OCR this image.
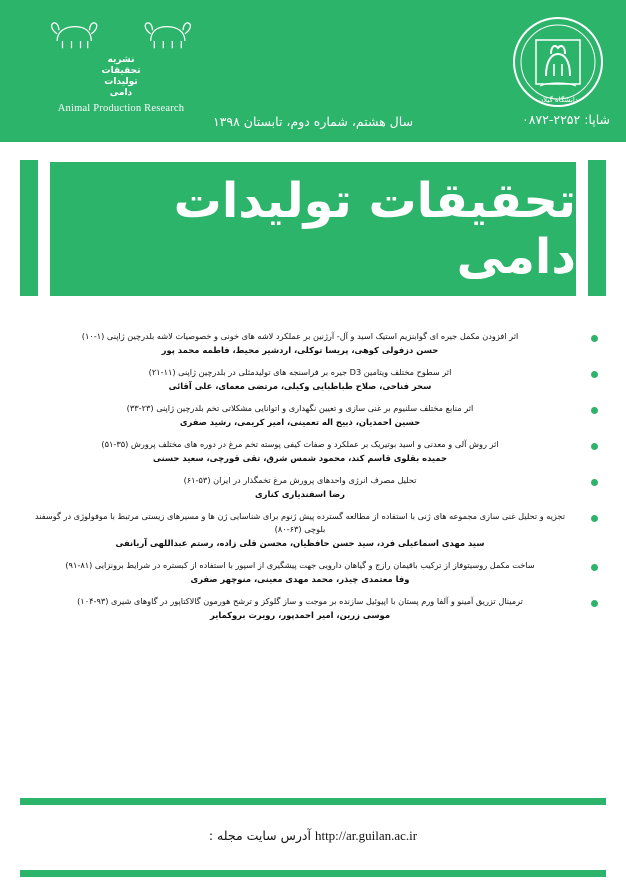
دانشگاه گیلان
نشریه
تحقیقات
تولیدات
دامی
Animal Production Research
سال هشتم، شماره دوم، تابستان ۱۳۹۸	شاپا: ۲۲۵۲-۰۸۷۲
تحقیقات تولیدات دامی
اثر افزودن مکمل جیره ای گوابنزیم استیک اسید و آل- آرژنین بر عملکرد لاشه های خونی و خصوصیات لاشه بلدرچین ژاپنی (۱-۱۰)
حسن دزفولی کوهی، پریسا توکلی، اردشیر محیط، فاطمه محمد پور
اثر سطوح مختلف ویتامین D3 جیره بر فراسنجه های تولیدمثلی در بلدرچین ژاپنی (۱۱-۲۱)
سحر فناحی، صلاح طباطبایی وکیلی، مرتضی معمای، علی آقائی
اثر منابع مختلف سلنیوم بر غنی سازی و تعیین نگهداری و اتوانایی مشکلاتی تخم بلدرچین ژاپنی (۲۳-۳۳)
حسین احمدیان، ذبیح اله تعمینی، امیر کریمی، رشید صفری
اثر روش آلی و معدنی و اسید بوتیریک بر عملکرد و صفات کیفی پوسته تخم مرغ در دوره های مختلف پرورش (۳۵-۵۱)
حمیده بقلوی قاسم کند، محمود شمس شرق، تقی قورچی، سعید حسنی
تحلیل مصرف انرژی واحدهای پرورش مرغ تخمگذار در ایران (۵۳-۶۱)
رضا اسفندیاری کناری
تجزیه و تحلیل غنی سازی مجموعه های ژنی با استفاده از مطالعه گسترده پیش ژنوم برای شناسایی ژن ها و مسیرهای زیستی مرتبط با موفولوژی در گوسفند بلوچی (۶۳-۸۰)
سید مهدی اسماعیلی فرد، سید حسن حافظیان، محسن قلی زاده، رستم عبداللهی آریانفی
ساخت مکمل روسیتوفاز از ترکیب باقیمان رازج و گیاهان دارویی جهت پیشگیری از اسپور با استفاده از کبستره در شرایط برونزایی (۸۱-۹۱)
وفا معتمدی چیذر، محمد مهدی معینی، منوچهر صفری
ترمینال تزریق آمینو و آلفا ورم پستان با اپیوئیل سازنده بر موجت و ساز گلوکز و ترشح هورمون گالاکتاپور در گاوهای شیری (۹۳-۱۰۴)
موسی زرین، امیر احمدپور، رویرت بروکمایر
http://ar.guilan.ac.ir آدرس سایت مجله :
